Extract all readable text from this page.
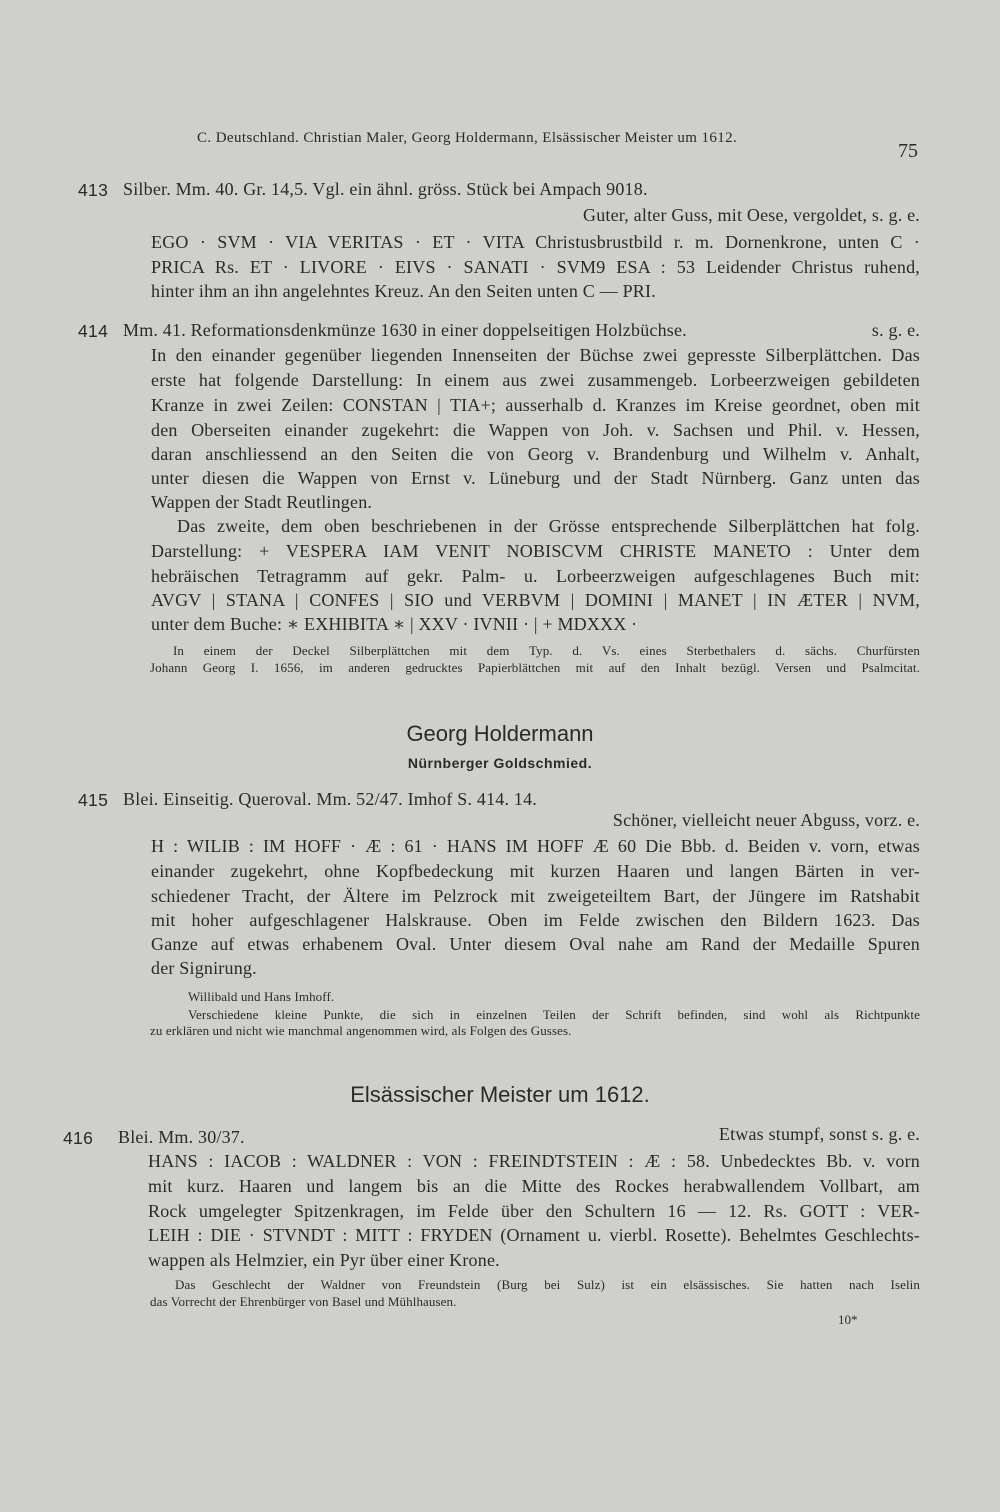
C. Deutschland. Christian Maler, Georg Holdermann, Elsässischer Meister um 1612.
75
413 Silber. Mm. 40. Gr. 14,5. Vgl. ein ähnl. gröss. Stück bei Ampach 9018.
Guter, alter Guss, mit Oese, vergoldet, s. g. e.
EGO · SVM · VIA VERITAS · ET · VITA Christusbrustbild r. m. Dornenkrone, unten C ·
PRICA Rs. ET · LIVORE · EIVS · SANATI · SVM9 ESA : 53 Leidender Christus ruhend,
hinter ihm an ihn angelehntes Kreuz. An den Seiten unten C — PRI.
414 Mm. 41. Reformationsdenkmünze 1630 in einer doppelseitigen Holzbüchse.	s. g. e.
In den einander gegenüber liegenden Innenseiten der Büchse zwei gepresste Silberplättchen. Das
erste hat folgende Darstellung: In einem aus zwei zusammengeb. Lorbeerzweigen gebildeten
Kranze in zwei Zeilen: CONSTAN | TIA+; ausserhalb d. Kranzes im Kreise geordnet, oben mit
den Oberseiten einander zugekehrt: die Wappen von Joh. v. Sachsen und Phil. v. Hessen,
daran anschliessend an den Seiten die von Georg v. Brandenburg und Wilhelm v. Anhalt,
unter diesen die Wappen von Ernst v. Lüneburg und der Stadt Nürnberg. Ganz unten das
Wappen der Stadt Reutlingen.
Das zweite, dem oben beschriebenen in der Grösse entsprechende Silberplättchen hat folg.
Darstellung: + VESPERA IAM VENIT NOBISCVM CHRISTE MANETO : Unter dem
hebräischen Tetragramm auf gekr. Palm- u. Lorbeerzweigen aufgeschlagenes Buch mit:
AVGV | STANA | CONFES | SIO und VERBVM | DOMINI | MANET | IN ÆTER | NVM,
unter dem Buche: ∗ EXHIBITA ∗ | XXV · IVNII · | + MDXXX ·
In einem der Deckel Silberplättchen mit dem Typ. d. Vs. eines Sterbethalers d. sächs. Churfürsten
Johann Georg I. 1656, im anderen gedrucktes Papierblättchen mit auf den Inhalt bezügl. Versen und Psalmcitat.
Georg Holdermann
Nürnberger Goldschmied.
415 Blei. Einseitig. Queroval. Mm. 52/47. Imhof S. 414. 14.
Schöner, vielleicht neuer Abguss, vorz. e.
H : WILIB : IM HOFF · Æ : 61 · HANS IM HOFF Æ 60 Die Bbb. d. Beiden v. vorn, etwas
einander zugekehrt, ohne Kopfbedeckung mit kurzen Haaren und langen Bärten in ver-
schiedener Tracht, der Ältere im Pelzrock mit zweigeteiltem Bart, der Jüngere im Ratshabit
mit hoher aufgeschlagener Halskrause. Oben im Felde zwischen den Bildern 1623. Das
Ganze auf etwas erhabenem Oval. Unter diesem Oval nahe am Rand der Medaille Spuren
der Signirung.
Willibald und Hans Imhoff.
Verschiedene kleine Punkte, die sich in einzelnen Teilen der Schrift befinden, sind wohl als Richtpunkte
zu erklären und nicht wie manchmal angenommen wird, als Folgen des Gusses.
Elsässischer Meister um 1612.
416 Blei. Mm. 30/37.	Etwas stumpf, sonst s. g. e.
HANS : IACOB : WALDNER : VON : FREINDTSTEIN : Æ : 58. Unbedecktes Bb. v. vorn
mit kurz. Haaren und langem bis an die Mitte des Rockes herabwallendem Vollbart, am
Rock umgelegter Spitzenkragen, im Felde über den Schultern 16 — 12. Rs. GOTT : VER-
LEIH : DIE · STVNDT : MITT : FRYDEN (Ornament u. vierbl. Rosette). Behelmtes Geschlechts-
wappen als Helmzier, ein Pyr über einer Krone.
Das Geschlecht der Waldner von Freundstein (Burg bei Sulz) ist ein elsässisches. Sie hatten nach Iselin
das Vorrecht der Ehrenbürger von Basel und Mühlhausen.
10*
